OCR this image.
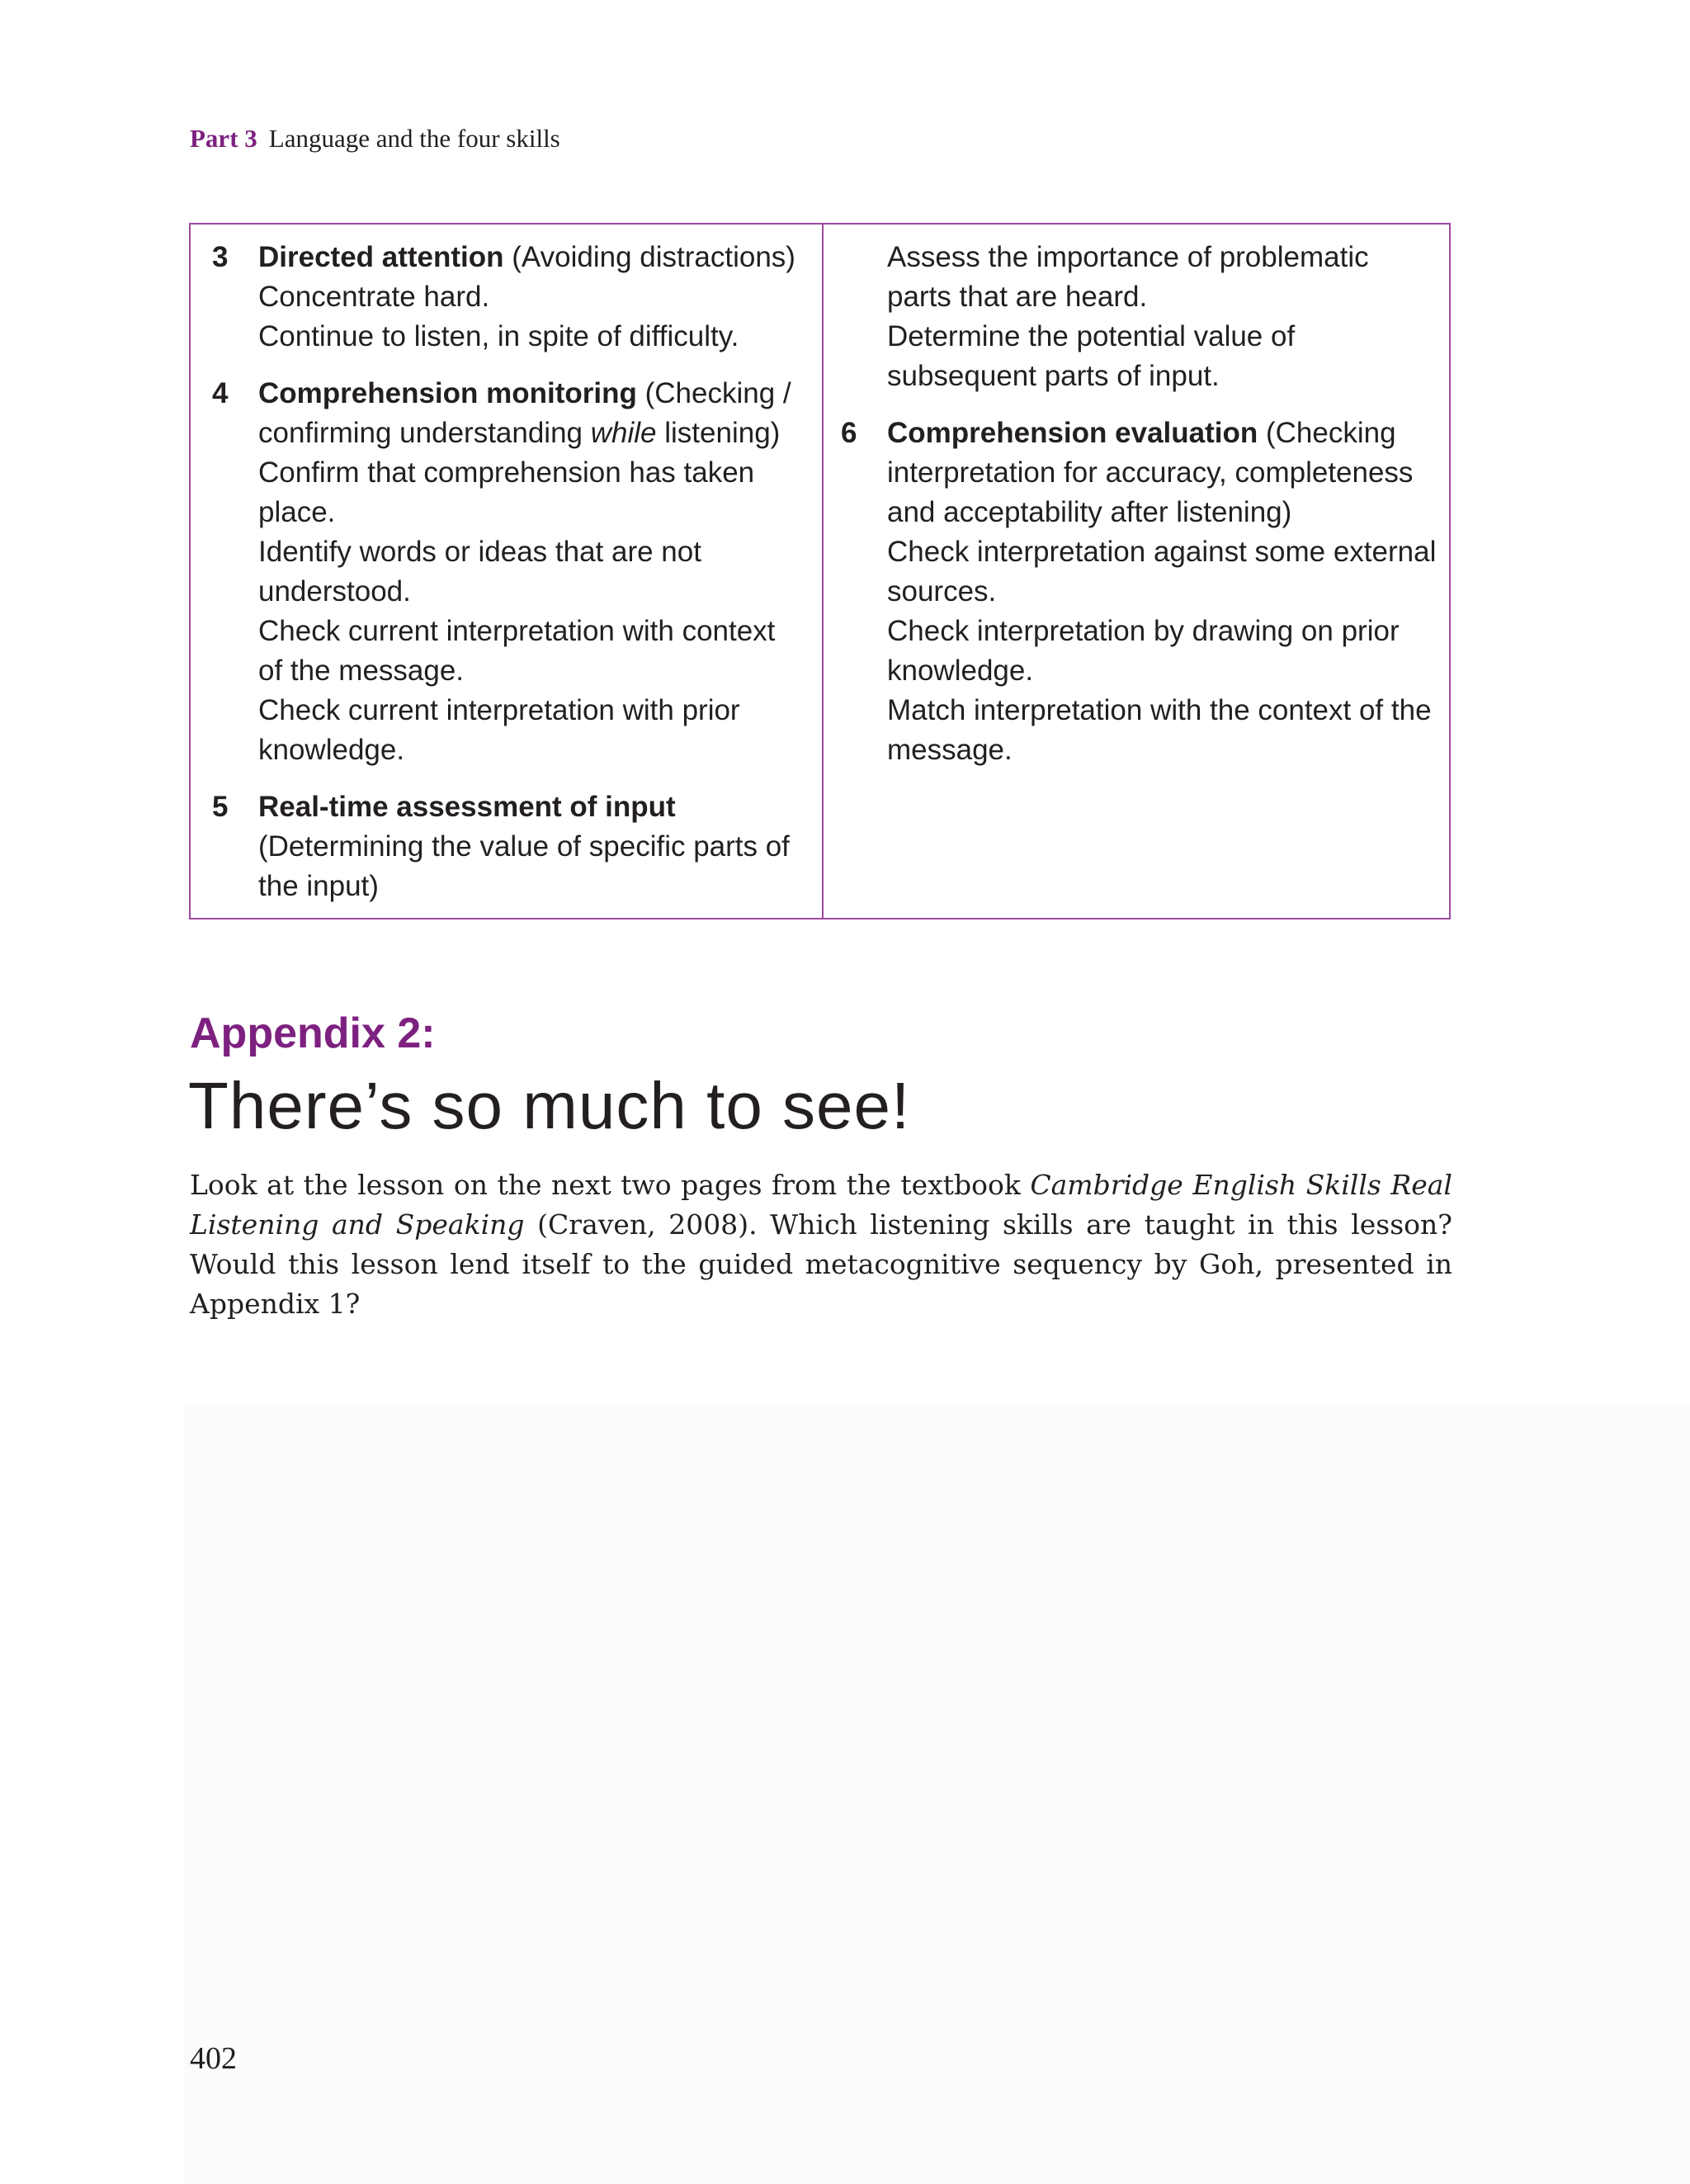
Part 3 Language and the four skills
3 Directed attention (Avoiding distractions)
Concentrate hard.
Continue to listen, in spite of difficulty.
4 Comprehension monitoring (Checking /
confirming understanding while listening)
Confirm that comprehension has taken
place.
Identify words or ideas that are not
understood.
Check current interpretation with context
of the message.
Check current interpretation with prior
knowledge.
5 Real-time assessment of input
(Determining the value of specific parts of
the input)
Assess the importance of problematic
parts that are heard.
Determine the potential value of
subsequent parts of input.
6 Comprehension evaluation (Checking
interpretation for accuracy, completeness
and acceptability after listening)
Check interpretation against some external
sources.
Check interpretation by drawing on prior
knowledge.
Match interpretation with the context of the
message.
Appendix 2:
There’s so much to see!
Look at the lesson on the next two pages from the textbook Cambridge English Skills Real
Listening and Speaking (Craven, 2008). Which listening skills are taught in this lesson?
Would this lesson lend itself to the guided metacognitive sequency by Goh, presented in
Appendix 1?
402
